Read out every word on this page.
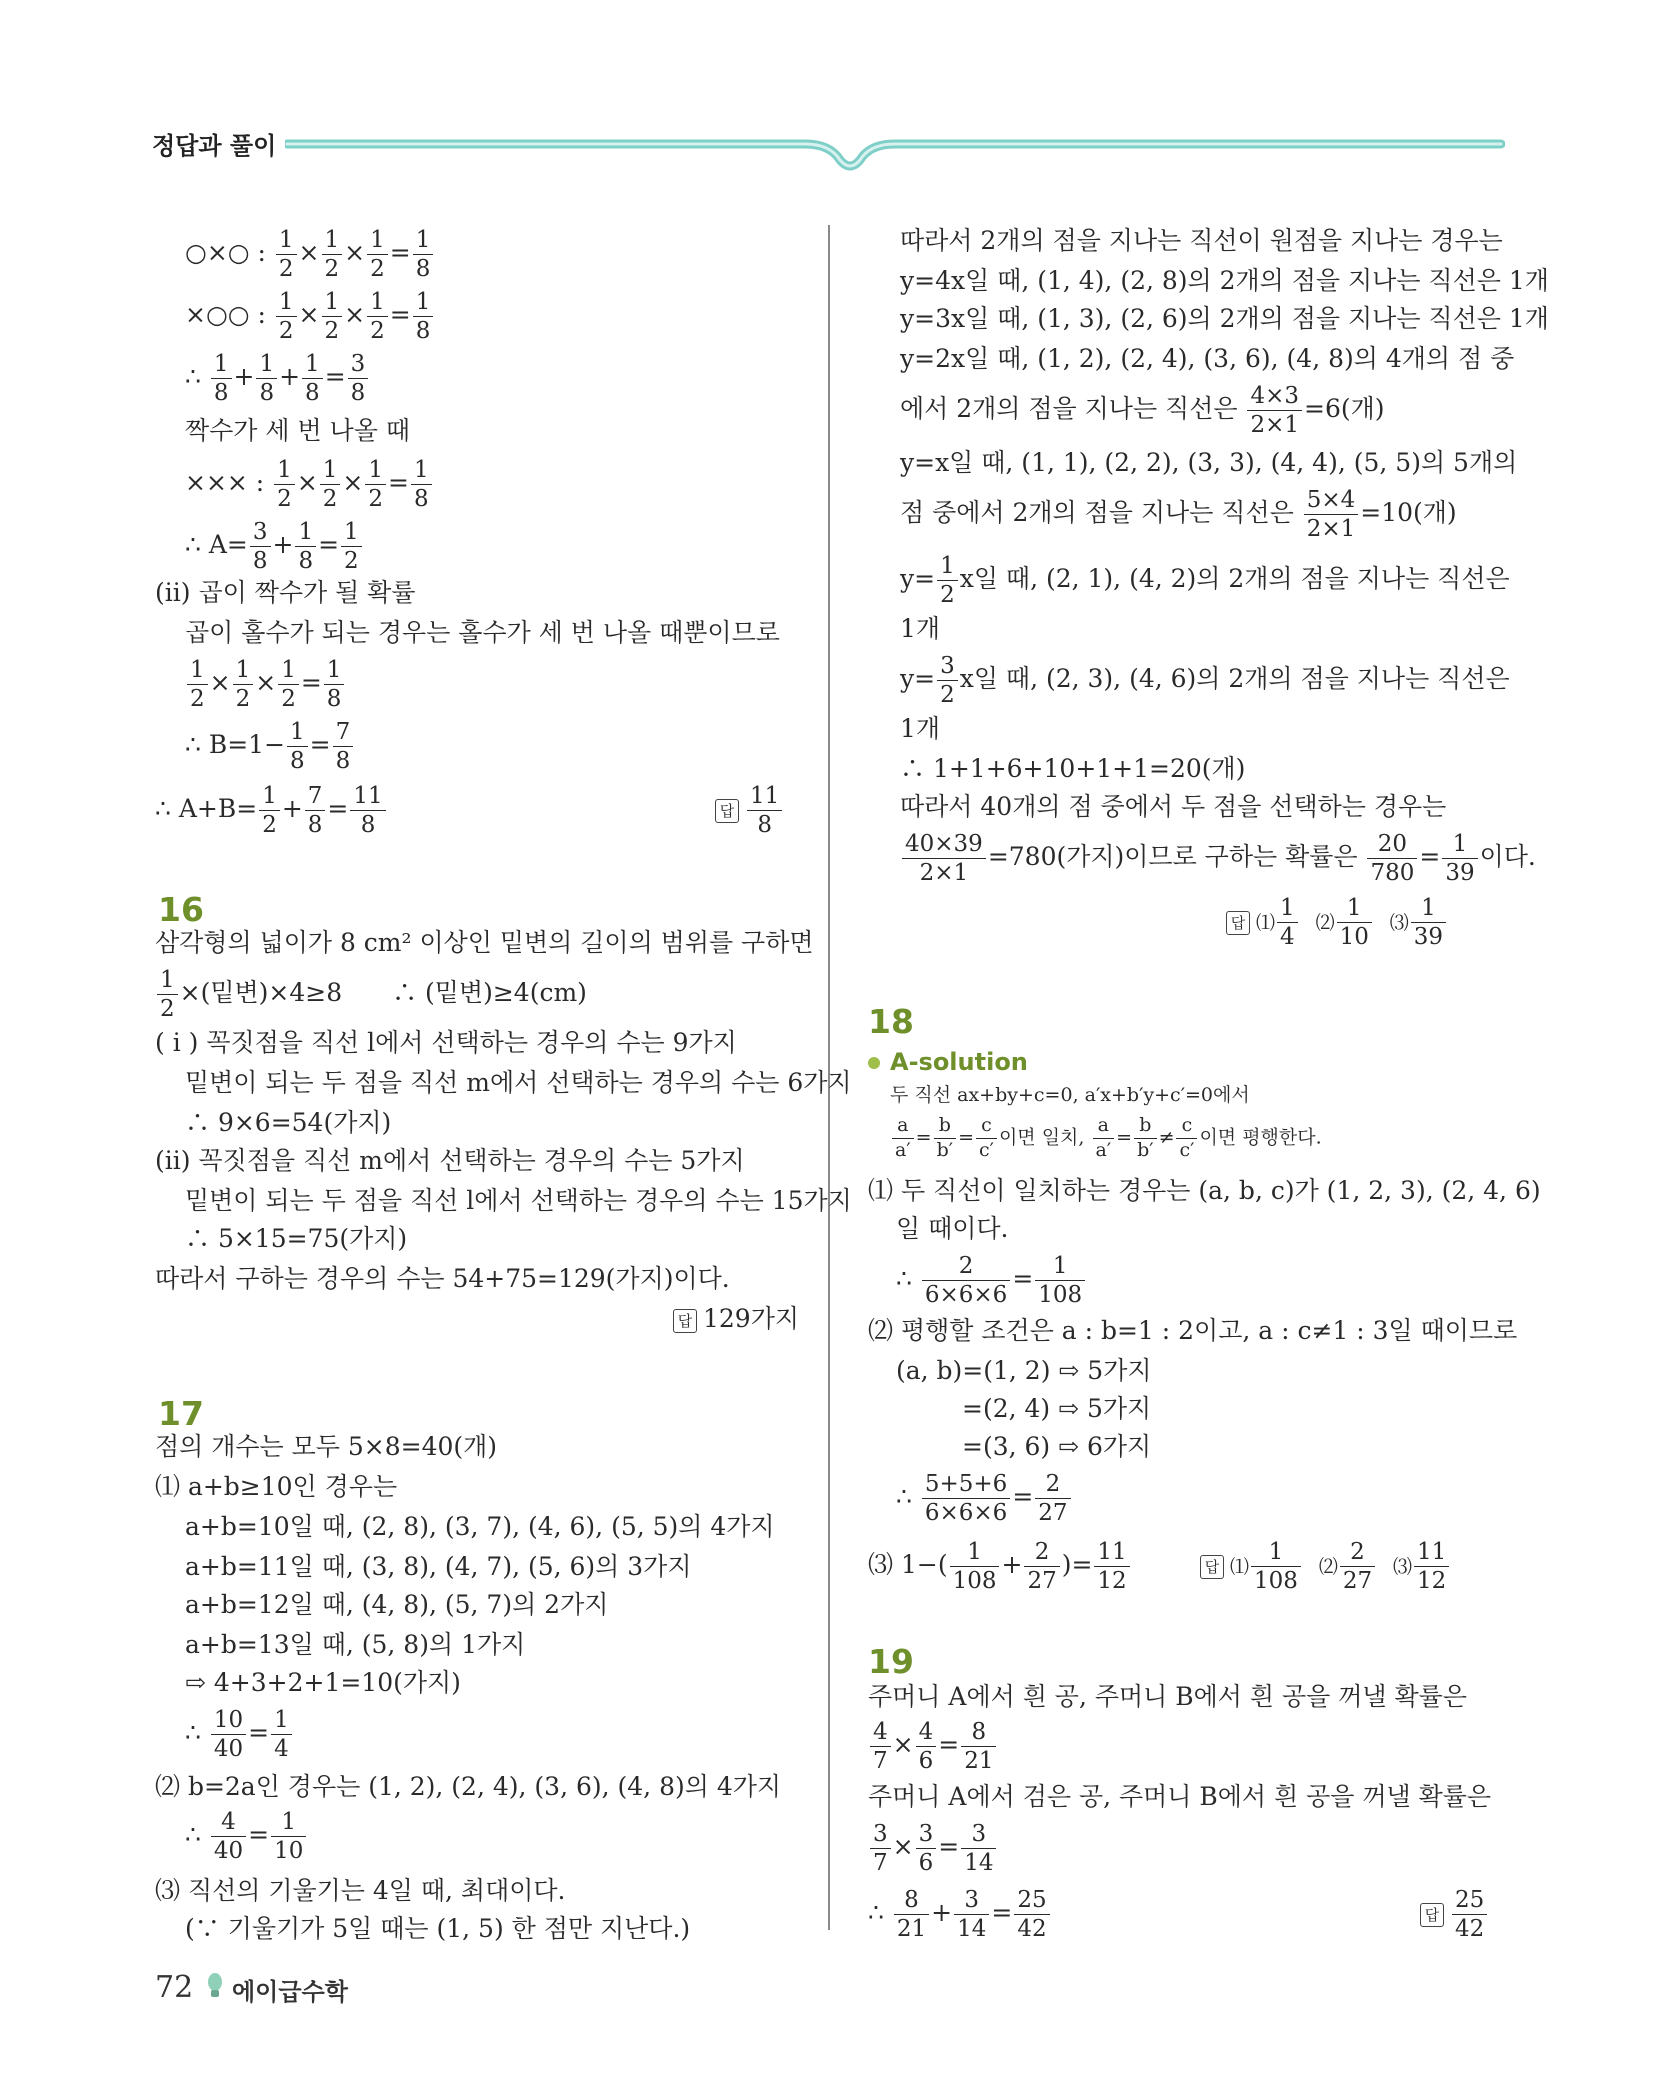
정답과 풀이
○×○ : $\frac{1}{2} \times \frac{1}{2} \times \frac{1}{2} = \frac{1}{8}$
×○○ : $\frac{1}{2} \times \frac{1}{2} \times \frac{1}{2} = \frac{1}{8}$
∴ $\frac{1}{8} + \frac{1}{8} + \frac{1}{8} = \frac{3}{8}$
짝수가 세 번 나올 때
××× : $\frac{1}{2} \times \frac{1}{2} \times \frac{1}{2} = \frac{1}{8}$
∴ $A= \frac{3}{8} + \frac{1}{8} = \frac{1}{2}$
(ii) 곱이 짝수가 될 확률
곱이 홀수가 되는 경우는 홀수가 세 번 나올 때뿐이므로
$\frac{1}{2} \times \frac{1}{2} \times \frac{1}{2} = \frac{1}{8}$
∴ $B=1- \frac{1}{8} = \frac{7}{8}$
∴ $A+B= \frac{1}{2} + \frac{7}{8} = \frac{11}{8}$	답 $\frac{11}{8}$
16
삼각형의 넓이가 8 cm² 이상인 밑변의 길이의 범위를 구하면
$\frac{1}{2}$ ×(밑변)×4≥8 ∴ (밑변)≥4(cm)
( i ) 꼭짓점을 직선 l에서 선택하는 경우의 수는 9가지
밑변이 되는 두 점을 직선 m에서 선택하는 경우의 수는 6가지
∴ 9×6=54(가지)
(ii) 꼭짓점을 직선 m에서 선택하는 경우의 수는 5가지
밑변이 되는 두 점을 직선 l에서 선택하는 경우의 수는 15가지
∴ 5×15=75(가지)
따라서 구하는 경우의 수는 54+75=129(가지)이다.
답 129가지
17
점의 개수는 모두 5×8=40(개)
⑴ a+b≥10인 경우는
a+b=10일 때, (2, 8), (3, 7), (4, 6), (5, 5)의 4가지
a+b=11일 때, (3, 8), (4, 7), (5, 6)의 3가지
a+b=12일 때, (4, 8), (5, 7)의 2가지
a+b=13일 때, (5, 8)의 1가지
⇨ 4+3+2+1=10(가지)
∴ $\frac{10}{40} = \frac{1}{4}$
⑵ b=2a인 경우는 (1, 2), (2, 4), (3, 6), (4, 8)의 4가지
∴ $\frac{4}{40} = \frac{1}{10}$
⑶ 직선의 기울기는 4일 때, 최대이다.
(∵ 기울기가 5일 때는 (1, 5) 한 점만 지난다.)
따라서 2개의 점을 지나는 직선이 원점을 지나는 경우는
y=4x일 때, (1, 4), (2, 8)의 2개의 점을 지나는 직선은 1개
y=3x일 때, (1, 3), (2, 6)의 2개의 점을 지나는 직선은 1개
y=2x일 때, (1, 2), (2, 4), (3, 6), (4, 8)의 4개의 점 중
에서 2개의 점을 지나는 직선은 $\frac{4\times 3}{2\times 1} =6$(개)
y=x일 때, (1, 1), (2, 2), (3, 3), (4, 4), (5, 5)의 5개의
점 중에서 2개의 점을 지나는 직선은 $\frac{5\times 4}{2\times 1} =10$(개)
$y= \frac{1}{2}$ x일 때, (2, 1), (4, 2)의 2개의 점을 지나는 직선은
1개
$y= \frac{3}{2}$ x일 때, (2, 3), (4, 6)의 2개의 점을 지나는 직선은
1개
∴ 1+1+6+10+1+1=20(개)
따라서 40개의 점 중에서 두 점을 선택하는 경우는
$\frac{40\times 39}{2\times 1} =780$(가지)이므로 구하는 확률은 $\frac{20}{780} = \frac{1}{39}$ 이다.
답 ⑴ $\frac{1}{4}$ ⑵ $\frac{1}{10}$ ⑶ $\frac{1}{39}$
18
A-solution
두 직선 ax+by+c=0, a′x+b′y+c′=0에서
$\frac{a}{a'} = \frac{b}{b'} = \frac{c}{c'}$ 이면 일치, $\frac{a}{a'} = \frac{b}{b'} \ne \frac{c}{c'}$ 이면 평행한다.
⑴ 두 직선이 일치하는 경우는 (a, b, c)가 (1, 2, 3), (2, 4, 6)
일 때이다.
∴ $\frac{2}{6\times 6\times 6} = \frac{1}{108}$
⑵ 평행할 조건은 a : b=1 : 2이고, a : c≠1 : 3일 때이므로
(a, b)=(1, 2) ⇨ 5가지
=(2, 4) ⇨ 5가지
=(3, 6) ⇨ 6가지
∴ $\frac{5+5+6}{6\times 6\times 6} = \frac{2}{27}$
⑶ $1-( \frac{1}{108} + \frac{2}{27}$ )= $\frac{11}{12}$	답 ⑴ $\frac{1}{108}$ ⑵ $\frac{2}{27}$ ⑶ $\frac{11}{12}$
19
주머니 A에서 흰 공, 주머니 B에서 흰 공을 꺼낼 확률은
$\frac{4}{7} \times \frac{4}{6} = \frac{8}{21}$
주머니 A에서 검은 공, 주머니 B에서 흰 공을 꺼낼 확률은
$\frac{3}{7} \times \frac{3}{6} = \frac{3}{14}$
∴ $\frac{8}{21} + \frac{3}{14} = \frac{25}{42}$	답 $\frac{25}{42}$
72 에이급수학
